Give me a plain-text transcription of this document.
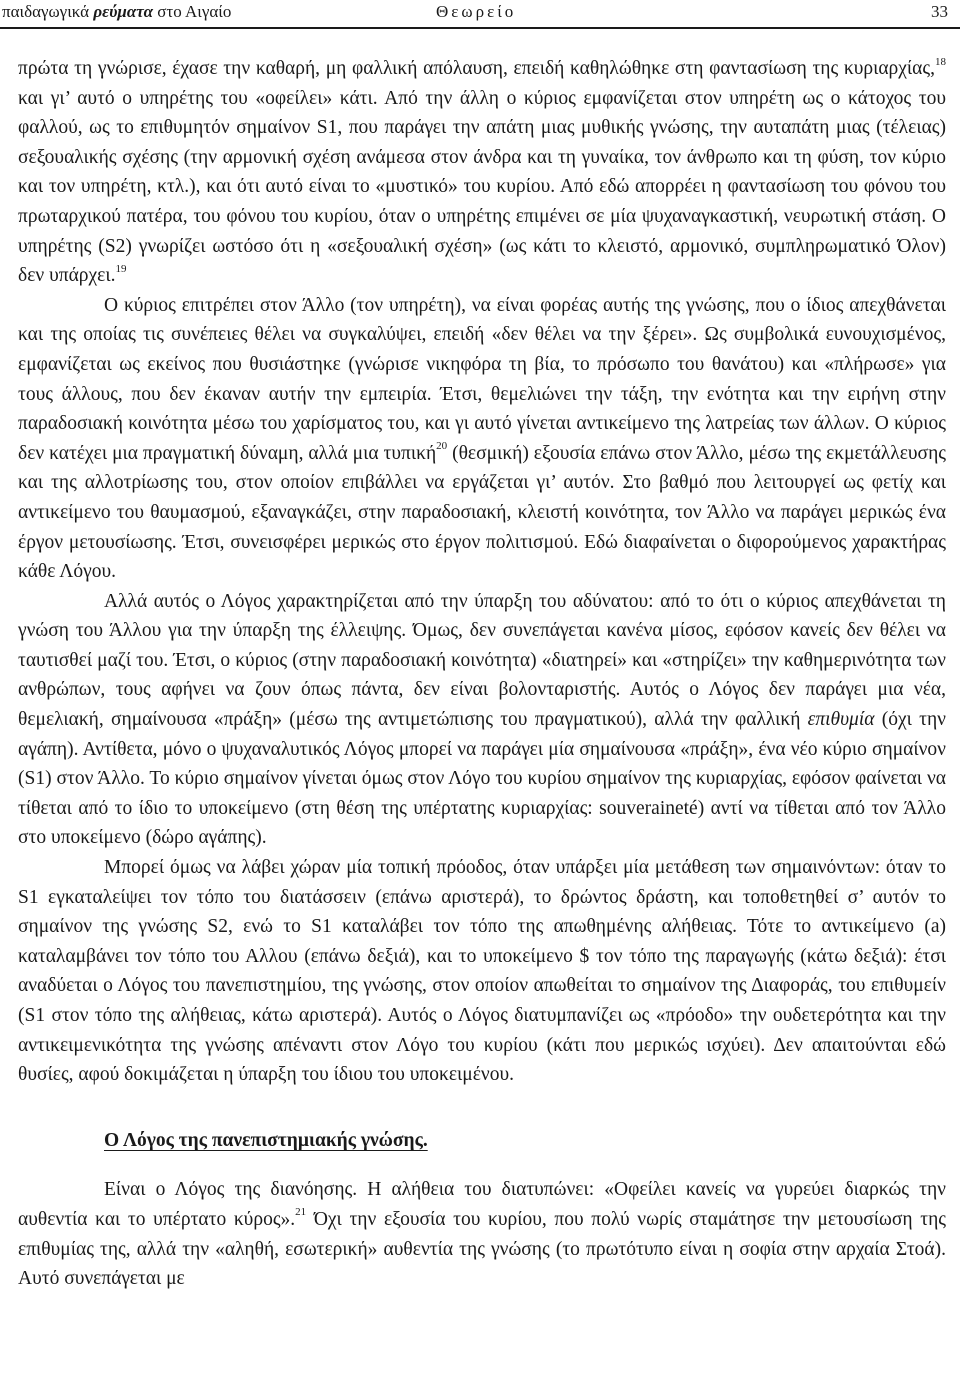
παιδαγωγικά ρεύματα στο Αιγαίο	Θεωρείο	33

πρώτα τη γνώρισε, έχασε την καθαρή, μη φαλλική απόλαυση, επειδή καθηλώθηκε στη φαντασίωση της κυριαρχίας,$^{18}$ και γι’ αυτό ο υπηρέτης του «οφείλει» κάτι. Από την άλλη ο κύριος εμφανίζεται στον υπηρέτη ως ο κάτοχος του φαλλού, ως το επιθυμητόν σημαίνον S1, που παράγει την απάτη μιας μυθικής γνώσης, την αυταπάτη μιας (τέλειας) σεξουαλικής σχέσης (την αρμονική σχέση ανάμεσα στον άνδρα και τη γυναίκα, τον άνθρωπο και τη φύση, τον κύριο και τον υπηρέτη, κτλ.), και ότι αυτό είναι το «μυστικό» του κυρίου. Από εδώ απορρέει η φαντασίωση του φόνου του πρωταρχικού πατέρα, του φόνου του κυρίου, όταν ο υπηρέτης επιμένει σε μία ψυχαναγκαστική, νευρωτική στάση. Ο υπηρέτης (S2) γνωρίζει ωστόσο ότι η «σεξουαλική σχέση» (ως κάτι το κλειστό, αρμονικό, συμπληρωματικό Όλον) δεν υπάρχει.$^{19}$

Ο κύριος επιτρέπει στον Άλλο (τον υπηρέτη), να είναι φορέας αυτής της γνώσης, που ο ίδιος απεχθάνεται και της οποίας τις συνέπειες θέλει να συγκαλύψει, επειδή «δεν θέλει να την ξέρει». Ως συμβολικά ευνουχισμένος, εμφανίζεται ως εκείνος που θυσιάστηκε (γνώρισε νικηφόρα τη βία, το πρόσωπο του θανάτου) και «πλήρωσε» για τους άλλους, που δεν έκαναν αυτήν την εμπειρία. Έτσι, θεμελιώνει την τάξη, την ενότητα και την ειρήνη στην παραδοσιακή κοινότητα μέσω του χαρίσματος του, και γι αυτό γίνεται αντικείμενο της λατρείας των άλλων. Ο κύριος δεν κατέχει μια πραγματική δύναμη, αλλά μια τυπική$^{20}$ (θεσμική) εξουσία επάνω στον Άλλο, μέσω της εκμετάλλευσης και της αλλοτρίωσης του, στον οποίον επιβάλλει να εργάζεται γι’ αυτόν. Στο βαθμό που λειτουργεί ως φετίχ και αντικείμενο του θαυμασμού, εξαναγκάζει, στην παραδοσιακή, κλειστή κοινότητα, τον Άλλο να παράγει μερικώς ένα έργον μετουσίωσης. Έτσι, συνεισφέρει μερικώς στο έργον πολιτισμού. Εδώ διαφαίνεται ο διφορούμενος χαρακτήρας κάθε Λόγου.

Αλλά αυτός ο Λόγος χαρακτηρίζεται από την ύπαρξη του αδύνατου: από το ότι ο κύριος απεχθάνεται τη γνώση του Άλλου για την ύπαρξη της έλλειψης. Όμως, δεν συνεπάγεται κανένα μίσος, εφόσον κανείς δεν θέλει να ταυτισθεί μαζί του. Έτσι, ο κύριος (στην παραδοσιακή κοινότητα) «διατηρεί» και «στηρίζει» την καθημερινότητα των ανθρώπων, τους αφήνει να ζουν όπως πάντα, δεν είναι βολονταριστής. Αυτός ο Λόγος δεν παράγει μια νέα, θεμελιακή, σημαίνουσα «πράξη» (μέσω της αντιμετώπισης του πραγματικού), αλλά την φαλλική επιθυμία (όχι την αγάπη). Αντίθετα, μόνο ο ψυχαναλυτικός Λόγος μπορεί να παράγει μία σημαίνουσα «πράξη», ένα νέο κύριο σημαίνον (S1) στον Άλλο. Το κύριο σημαίνον γίνεται όμως στον Λόγο του κυρίου σημαίνον της κυριαρχίας, εφόσον φαίνεται να τίθεται από το ίδιο το υποκείμενο (στη θέση της υπέρτατης κυριαρχίας: souveraineté) αντί να τίθεται από τον Άλλο στο υποκείμενο (δώρο αγάπης).

Μπορεί όμως να λάβει χώραν μία τοπική πρόοδος, όταν υπάρξει μία μετάθεση των σημαινόντων: όταν το S1 εγκαταλείψει τον τόπο του διατάσσειν (επάνω αριστερά), το δρώντος δράστη, και τοποθετηθεί σ’ αυτόν το σημαίνον της γνώσης S2, ενώ το S1 καταλάβει τον τόπο της απωθημένης αλήθειας. Τότε το αντικείμενο (a) καταλαμβάνει τον τόπο του Αλλου (επάνω δεξιά), και το υποκείμενο $ τον τόπο της παραγωγής (κάτω δεξιά): έτσι αναδύεται ο Λόγος του πανεπιστημίου, της γνώσης, στον οποίον απωθείται το σημαίνον της Διαφοράς, του επιθυμείν (S1 στον τόπο της αλήθειας, κάτω αριστερά). Αυτός ο Λόγος διατυμπανίζει ως «πρόοδο» την ουδετερότητα και την αντικειμενικότητα της γνώσης απέναντι στον Λόγο του κυρίου (κάτι που μερικώς ισχύει). Δεν απαιτούνται εδώ θυσίες, αφού δοκιμάζεται η ύπαρξη του ίδιου του υποκειμένου.

Ο Λόγος της πανεπιστημιακής γνώσης.

Είναι ο Λόγος της διανόησης. Η αλήθεια του διατυπώνει: «Οφείλει κανείς να γυρεύει διαρκώς την αυθεντία και το υπέρτατο κύρος».$^{21}$ Όχι την εξουσία του κυρίου, που πολύ νωρίς σταμάτησε την μετουσίωση της επιθυμίας της, αλλά την «αληθή, εσωτερική» αυθεντία της γνώσης (το πρωτότυπο είναι η σοφία στην αρχαία Στοά). Αυτό συνεπάγεται με
